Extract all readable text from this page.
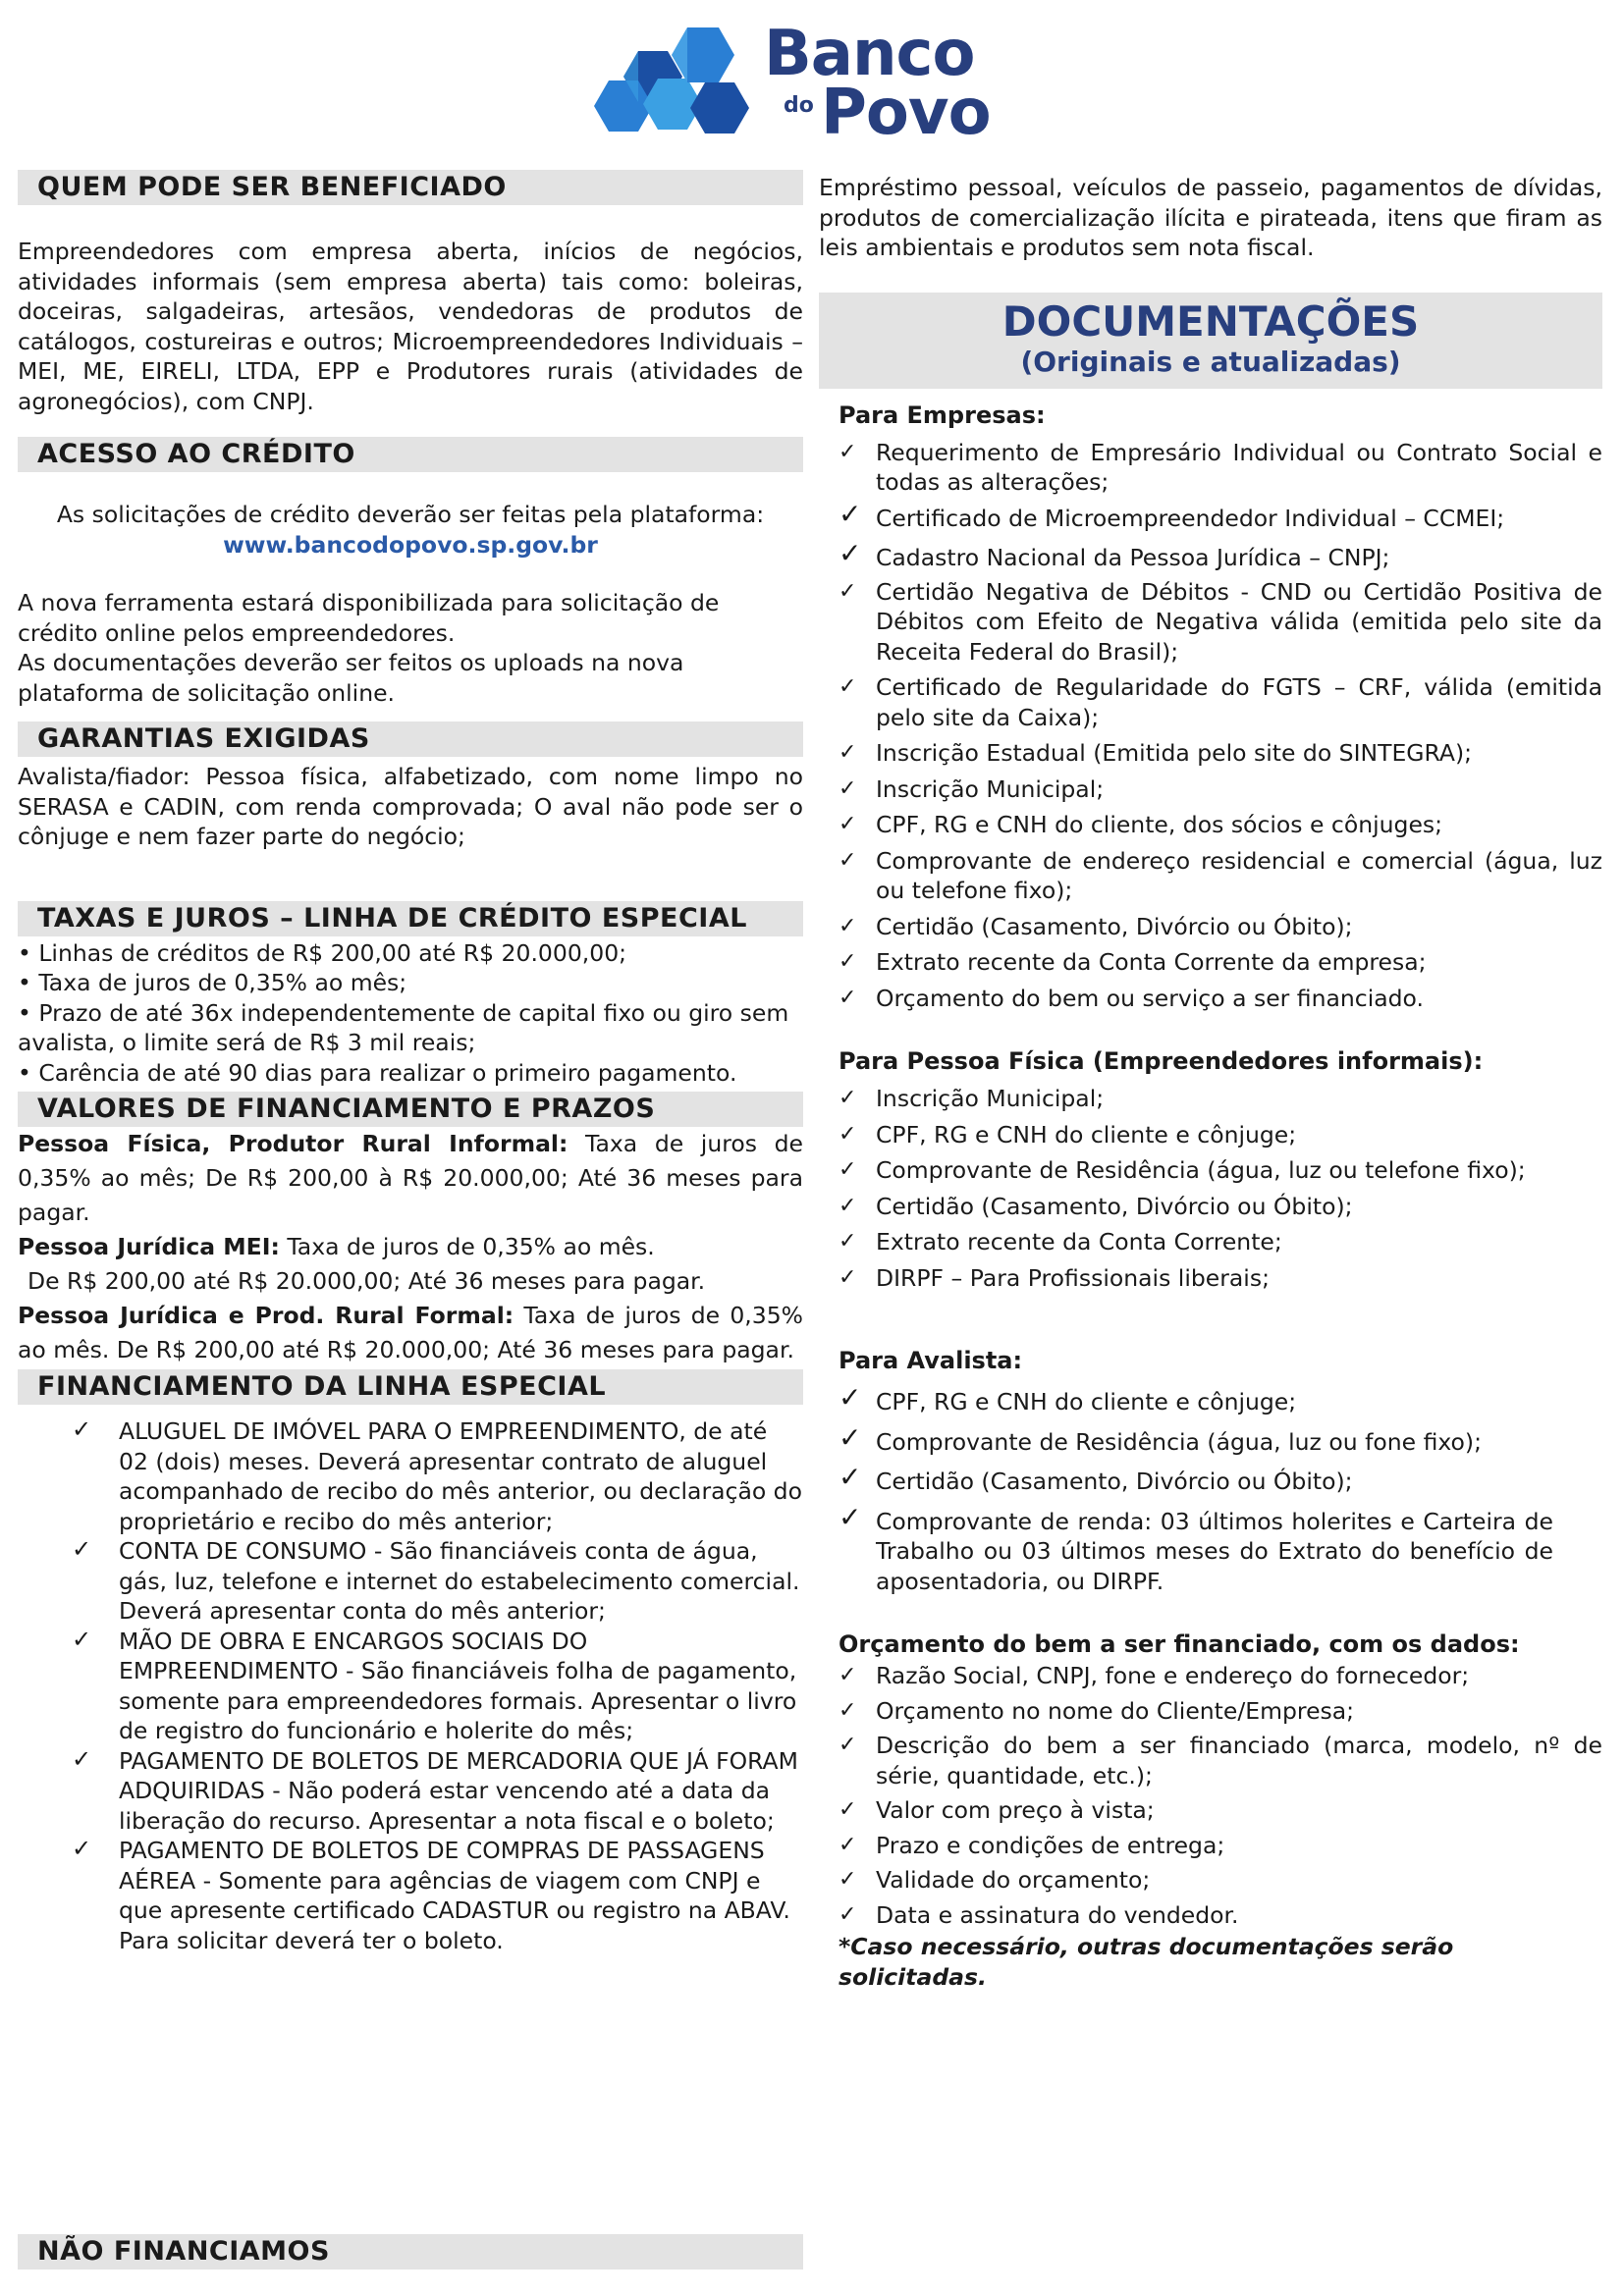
Banco
do Povo
QUEM PODE SER BENEFICIADO

Empreendedores com empresa aberta, inícios de negócios, atividades informais (sem empresa aberta) tais como: boleiras, doceiras, salgadeiras, artesãos, vendedoras de produtos de catálogos, costureiras e outros; Microempreendedores Individuais – MEI, ME, EIRELI, LTDA, EPP e Produtores rurais (atividades de agronegócios), com CNPJ.

ACESSO AO CRÉDITO

As solicitações de crédito deverão ser feitas pela plataforma:

www.bancodopovo.sp.gov.br

A nova ferramenta estará disponibilizada para solicitação de crédito online pelos empreendedores.

As documentações deverão ser feitos os uploads na nova plataforma de solicitação online.

GARANTIAS EXIGIDAS

Avalista/fiador: Pessoa física, alfabetizado, com nome limpo no SERASA e CADIN, com renda comprovada; O aval não pode ser o cônjuge e nem fazer parte do negócio;

TAXAS E JUROS – LINHA DE CRÉDITO ESPECIAL

• Linhas de créditos de R$ 200,00 até R$ 20.000,00;

• Taxa de juros de 0,35% ao mês;

• Prazo de até 36x independentemente de capital fixo ou giro sem avalista, o limite será de R$ 3 mil reais;

• Carência de até 90 dias para realizar o primeiro pagamento.

VALORES DE FINANCIAMENTO E PRAZOS

Pessoa Física, Produtor Rural Informal: Taxa de juros de 0,35% ao mês; De R$ 200,00 à R$ 20.000,00; Até 36 meses para pagar.

Pessoa Jurídica MEI: Taxa de juros de 0,35% ao mês.

De R$ 200,00 até R$ 20.000,00; Até 36 meses para pagar.

Pessoa Jurídica e Prod. Rural Formal: Taxa de juros de 0,35% ao mês. De R$ 200,00 até R$ 20.000,00; Até 36 meses para pagar.

FINANCIAMENTO DA LINHA ESPECIAL
✓ ALUGUEL DE IMÓVEL PARA O EMPREENDIMENTO, de até 02 (dois) meses. Deverá apresentar contrato de aluguel acompanhado de recibo do mês anterior, ou declaração do proprietário e recibo do mês anterior;
✓ CONTA DE CONSUMO - São financiáveis conta de água, gás, luz, telefone e internet do estabelecimento comercial. Deverá apresentar conta do mês anterior;
✓ MÃO DE OBRA E ENCARGOS SOCIAIS DO EMPREENDIMENTO - São financiáveis folha de pagamento, somente para empreendedores formais. Apresentar o livro de registro do funcionário e holerite do mês;
✓ PAGAMENTO DE BOLETOS DE MERCADORIA QUE JÁ FORAM ADQUIRIDAS - Não poderá estar vencendo até a data da liberação do recurso. Apresentar a nota fiscal e o boleto;
✓ PAGAMENTO DE BOLETOS DE COMPRAS DE PASSAGENS AÉREA - Somente para agências de viagem com CNPJ e que apresente certificado CADASTUR ou registro na ABAV. Para solicitar deverá ter o boleto.
NÃO FINANCIAMOS

Empréstimo pessoal, veículos de passeio, pagamentos de dívidas, produtos de comercialização ilícita e pirateada, itens que firam as leis ambientais e produtos sem nota fiscal.

DOCUMENTAÇÕES
(Originais e atualizadas)
Para Empresas:
✓ Requerimento de Empresário Individual ou Contrato Social e todas as alterações;
✓ Certificado de Microempreendedor Individual – CCMEI;
✓ Cadastro Nacional da Pessoa Jurídica – CNPJ;
✓ Certidão Negativa de Débitos - CND ou Certidão Positiva de Débitos com Efeito de Negativa válida (emitida pelo site da Receita Federal do Brasil);
✓ Certificado de Regularidade do FGTS – CRF, válida (emitida pelo site da Caixa);
✓ Inscrição Estadual (Emitida pelo site do SINTEGRA);
✓ Inscrição Municipal;
✓ CPF, RG e CNH do cliente, dos sócios e cônjuges;
✓ Comprovante de endereço residencial e comercial (água, luz ou telefone fixo);
✓ Certidão (Casamento, Divórcio ou Óbito);
✓ Extrato recente da Conta Corrente da empresa;
✓ Orçamento do bem ou serviço a ser financiado.
Para Pessoa Física (Empreendedores informais):
✓ Inscrição Municipal;
✓ CPF, RG e CNH do cliente e cônjuge;
✓ Comprovante de Residência (água, luz ou telefone fixo);
✓ Certidão (Casamento, Divórcio ou Óbito);
✓ Extrato recente da Conta Corrente;
✓ DIRPF – Para Profissionais liberais;
Para Avalista:
✓ CPF, RG e CNH do cliente e cônjuge;
✓ Comprovante de Residência (água, luz ou fone fixo);
✓ Certidão (Casamento, Divórcio ou Óbito);
✓ Comprovante de renda: 03 últimos holerites e Carteira de Trabalho ou 03 últimos meses do Extrato do benefício de aposentadoria, ou DIRPF.
Orçamento do bem a ser financiado, com os dados:
✓ Razão Social, CNPJ, fone e endereço do fornecedor;
✓ Orçamento no nome do Cliente/Empresa;
✓ Descrição do bem a ser financiado (marca, modelo, nº de série, quantidade, etc.);
✓ Valor com preço à vista;
✓ Prazo e condições de entrega;
✓ Validade do orçamento;
✓ Data e assinatura do vendedor.

*Caso necessário, outras documentações serão solicitadas.
